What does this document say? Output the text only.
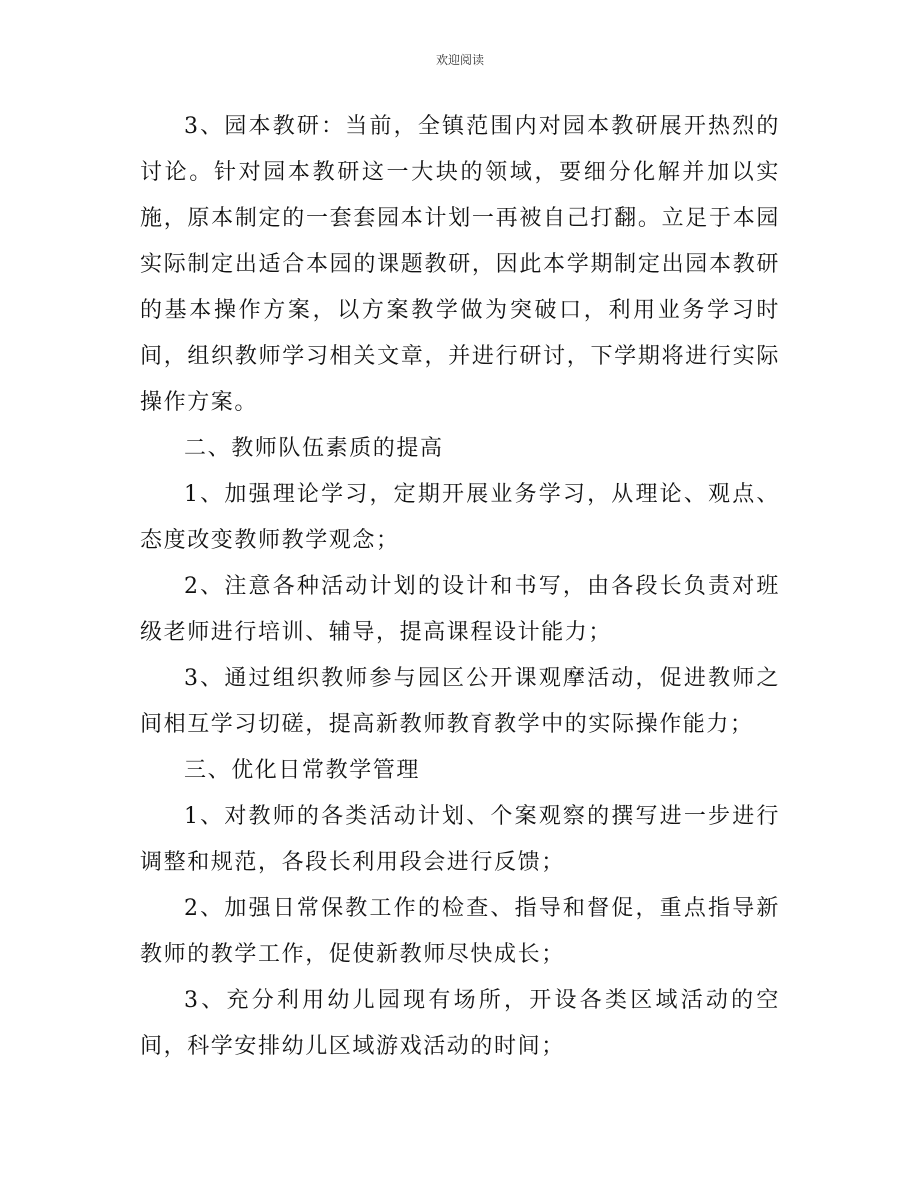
欢迎阅读

3、园本教研：当前，全镇范围内对园本教研展开热烈的讨论。针对园本教研这一大块的领域，要细分化解并加以实施，原本制定的一套套园本计划一再被自己打翻。立足于本园实际制定出适合本园的课题教研，因此本学期制定出园本教研的基本操作方案，以方案教学做为突破口，利用业务学习时间，组织教师学习相关文章，并进行研讨，下学期将进行实际操作方案。

二、教师队伍素质的提高

1、加强理论学习，定期开展业务学习，从理论、观点、态度改变教师教学观念；

2、注意各种活动计划的设计和书写，由各段长负责对班级老师进行培训、辅导，提高课程设计能力；

3、通过组织教师参与园区公开课观摩活动，促进教师之间相互学习切磋，提高新教师教育教学中的实际操作能力；

三、优化日常教学管理

1、对教师的各类活动计划、个案观察的撰写进一步进行调整和规范，各段长利用段会进行反馈；

2、加强日常保教工作的检查、指导和督促，重点指导新教师的教学工作，促使新教师尽快成长；

3、充分利用幼儿园现有场所，开设各类区域活动的空间，科学安排幼儿区域游戏活动的时间；
